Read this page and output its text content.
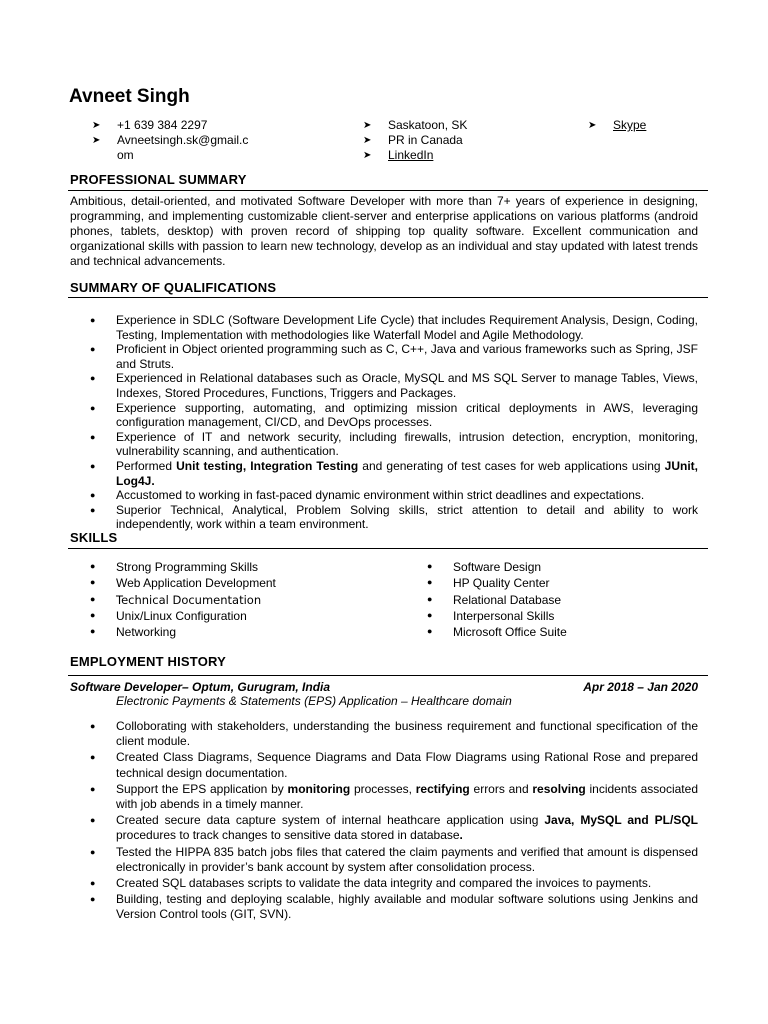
Avneet Singh
➤ +1 639 384 2297
➤ Avneetsingh.sk@gmail.c
om
➤ Saskatoon, SK
➤ PR in Canada
➤ LinkedIn
➤ Skype
PROFESSIONAL SUMMARY
Ambitious, detail-oriented, and motivated Software Developer with more than 7+ years of experience in designing, programming, and implementing customizable client-server and enterprise applications on various platforms (android phones, tablets, desktop) with proven record of shipping top quality software. Excellent communication and organizational skills with passion to learn new technology, develop as an individual and stay updated with latest trends and technical advancements.
SUMMARY OF QUALIFICATIONS
● Experience in SDLC (Software Development Life Cycle) that includes Requirement Analysis, Design, Coding, Testing, Implementation with methodologies like Waterfall Model and Agile Methodology.
● Proficient in Object oriented programming such as C, C++, Java and various frameworks such as Spring, JSF and Struts.
● Experienced in Relational databases such as Oracle, MySQL and MS SQL Server to manage Tables, Views, Indexes, Stored Procedures, Functions, Triggers and Packages.
● Experience supporting, automating, and optimizing mission critical deployments in AWS, leveraging configuration management, CI/CD, and DevOps processes.
● Experience of IT and network security, including firewalls, intrusion detection, encryption, monitoring, vulnerability scanning, and authentication.
● Performed Unit testing, Integration Testing and generating of test cases for web applications using JUnit, Log4J.
● Accustomed to working in fast-paced dynamic environment within strict deadlines and expectations.
● Superior Technical, Analytical, Problem Solving skills, strict attention to detail and ability to work independently, work within a team environment.
SKILLS
● Strong Programming Skills
● Web Application Development
● Technical Documentation
● Unix/Linux Configuration
● Networking
● Software Design
● HP Quality Center
● Relational Database
● Interpersonal Skills
● Microsoft Office Suite
EMPLOYMENT HISTORY
Software Developer– Optum, Gurugram, India	Apr 2018 – Jan 2020
Electronic Payments & Statements (EPS) Application – Healthcare domain
● Colloborating with stakeholders, understanding the business requirement and functional specification of the client module.
● Created Class Diagrams, Sequence Diagrams and Data Flow Diagrams using Rational Rose and prepared technical design documentation.
● Support the EPS application by monitoring processes, rectifying errors and resolving incidents associated with job abends in a timely manner.
● Created secure data capture system of internal heathcare application using Java, MySQL and PL/SQL procedures to track changes to sensitive data stored in database.
● Tested the HIPPA 835 batch jobs files that catered the claim payments and verified that amount is dispensed electronically in provider’s bank account by system after consolidation process.
● Created SQL databases scripts to validate the data integrity and compared the invoices to payments.
● Building, testing and deploying scalable, highly available and modular software solutions using Jenkins and Version Control tools (GIT, SVN).
